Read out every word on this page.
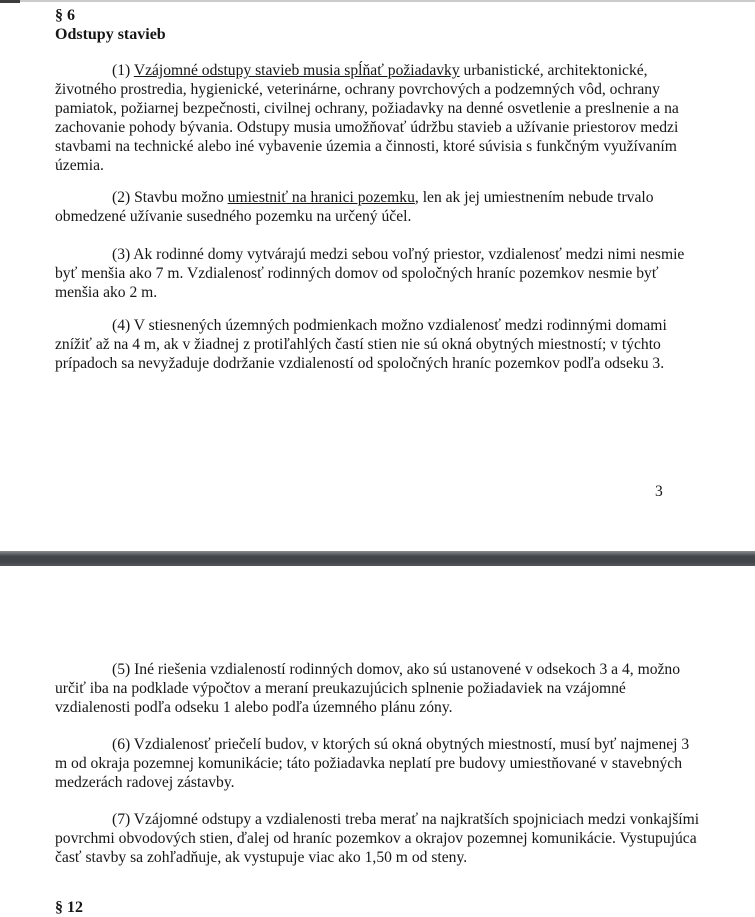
§ 6
Odstupy stavieb

(1) Vzájomné odstupy stavieb musia spĺňať požiadavky urbanistické, architektonické, životného prostredia, hygienické, veterinárne, ochrany povrchových a podzemných vôd, ochrany pamiatok, požiarnej bezpečnosti, civilnej ochrany, požiadavky na denné osvetlenie a preslnenie a na zachovanie pohody bývania. Odstupy musia umožňovať údržbu stavieb a užívanie priestorov medzi stavbami na technické alebo iné vybavenie územia a činnosti, ktoré súvisia s funkčným využívaním územia.

(2) Stavbu možno umiestniť na hranici pozemku, len ak jej umiestnením nebude trvalo obmedzené užívanie susedného pozemku na určený účel.

(3) Ak rodinné domy vytvárajú medzi sebou voľný priestor, vzdialenosť medzi nimi nesmie byť menšia ako 7 m. Vzdialenosť rodinných domov od spoločných hraníc pozemkov nesmie byť menšia ako 2 m.

(4) V stiesnených územných podmienkach možno vzdialenosť medzi rodinnými domami znížiť až na 4 m, ak v žiadnej z protiľahlých častí stien nie sú okná obytných miestností; v týchto prípadoch sa nevyžaduje dodržanie vzdialeností od spoločných hraníc pozemkov podľa odseku 3.

3

(5) Iné riešenia vzdialeností rodinných domov, ako sú ustanovené v odsekoch 3 a 4, možno určiť iba na podklade výpočtov a meraní preukazujúcich splnenie požiadaviek na vzájomné vzdialenosti podľa odseku 1 alebo podľa územného plánu zóny.

(6) Vzdialenosť priečelí budov, v ktorých sú okná obytných miestností, musí byť najmenej 3 m od okraja pozemnej komunikácie; táto požiadavka neplatí pre budovy umiestňované v stavebných medzerách radovej zástavby.

(7) Vzájomné odstupy a vzdialenosti treba merať na najkratších spojniciach medzi vonkajšími povrchmi obvodových stien, ďalej od hraníc pozemkov a okrajov pozemnej komunikácie. Vystupujúca časť stavby sa zohľadňuje, ak vystupuje viac ako 1,50 m od steny.

§ 12
